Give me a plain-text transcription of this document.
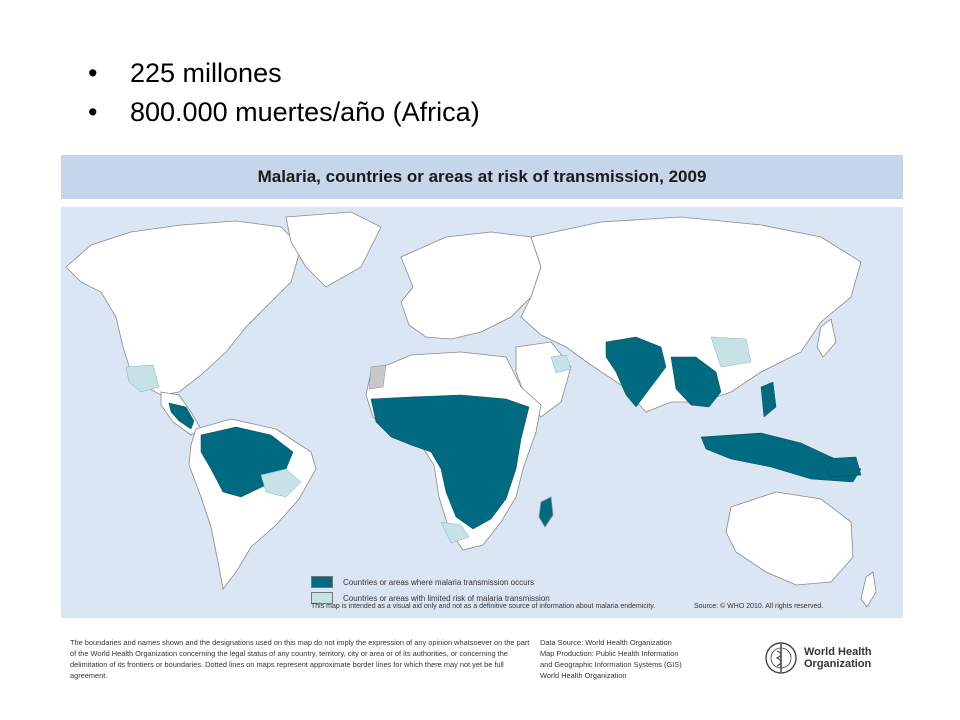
• 225 millones
• 800.000 muertes/año (Africa)
Malaria, countries or areas at risk of transmission, 2009
Countries or areas where malaria transmission occurs
Countries or areas with limited risk of malaria transmission
This map is intended as a visual aid only and not as a definitive source of information about malaria endemicity.	Source: © WHO 2010. All rights reserved.
The boundaries and names shown and the designations used on this map do not imply the expression of any opinion whatsoever on the part of the World Health Organization concerning the legal status of any country, territory, city or area or of its authorities, or concerning the delimitation of its frontiers or boundaries. Dotted lines on maps represent approximate border lines for which there may not yet be full agreement.
Data Source: World Health Organization
Map Production: Public Health Information
and Geographic Information Systems (GIS)
World Health Organization
World Health
Organization
